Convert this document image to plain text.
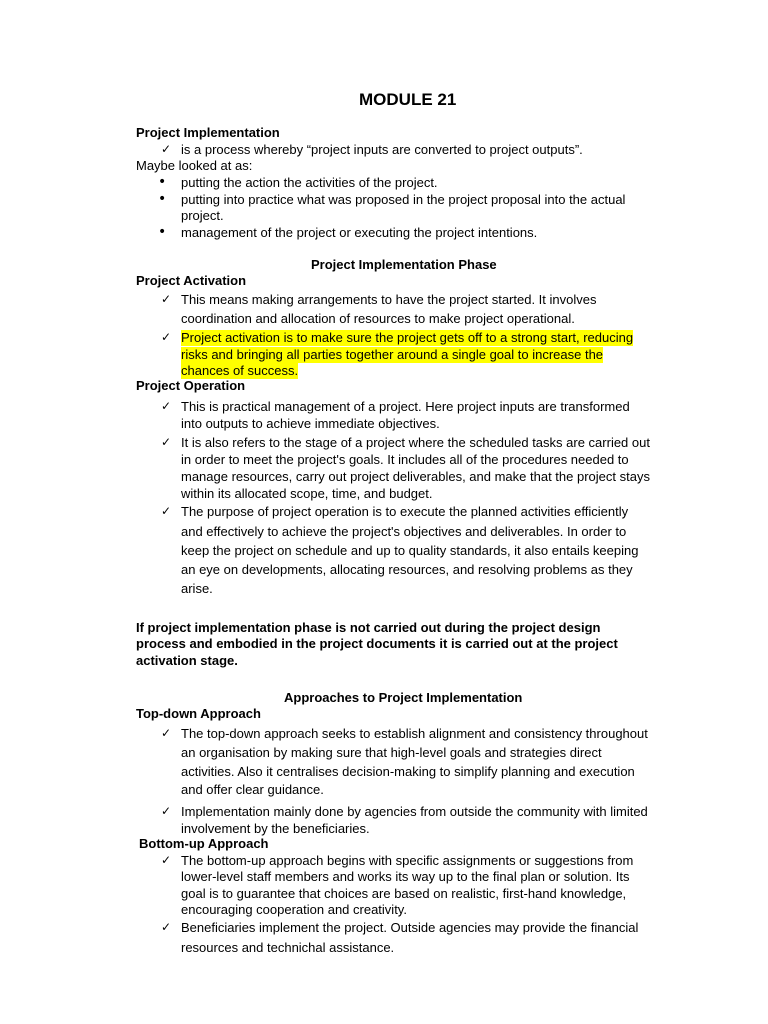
MODULE 21
Project Implementation
✓ is a process whereby “project inputs are converted to project outputs”.
Maybe looked at as:
• putting the action the activities of the project.
• putting into practice what was proposed in the project proposal into the actual
project.
• management of the project or executing the project intentions.
Project Implementation Phase
Project Activation
✓ This means making arrangements to have the project started. It involves
coordination and allocation of resources to make project operational.
✓ Project activation is to make sure the project gets off to a strong start, reducing
risks and bringing all parties together around a single goal to increase the
chances of success.
Project Operation
✓ This is practical management of a project. Here project inputs are transformed
into outputs to achieve immediate objectives.
✓ It is also refers to the stage of a project where the scheduled tasks are carried out
in order to meet the project's goals. It includes all of the procedures needed to
manage resources, carry out project deliverables, and make that the project stays
within its allocated scope, time, and budget.
✓ The purpose of project operation is to execute the planned activities efficiently
and effectively to achieve the project's objectives and deliverables. In order to
keep the project on schedule and up to quality standards, it also entails keeping
an eye on developments, allocating resources, and resolving problems as they
arise.
If project implementation phase is not carried out during the project design
process and embodied in the project documents it is carried out at the project
activation stage.
Approaches to Project Implementation
Top-down Approach
✓ The top-down approach seeks to establish alignment and consistency throughout
an organisation by making sure that high-level goals and strategies direct
activities. Also it centralises decision-making to simplify planning and execution
and offer clear guidance.
✓ Implementation mainly done by agencies from outside the community with limited
involvement by the beneficiaries.
Bottom-up Approach
✓ The bottom-up approach begins with specific assignments or suggestions from
lower-level staff members and works its way up to the final plan or solution. Its
goal is to guarantee that choices are based on realistic, first-hand knowledge,
encouraging cooperation and creativity.
✓ Beneficiaries implement the project. Outside agencies may provide the financial
resources and technichal assistance.
